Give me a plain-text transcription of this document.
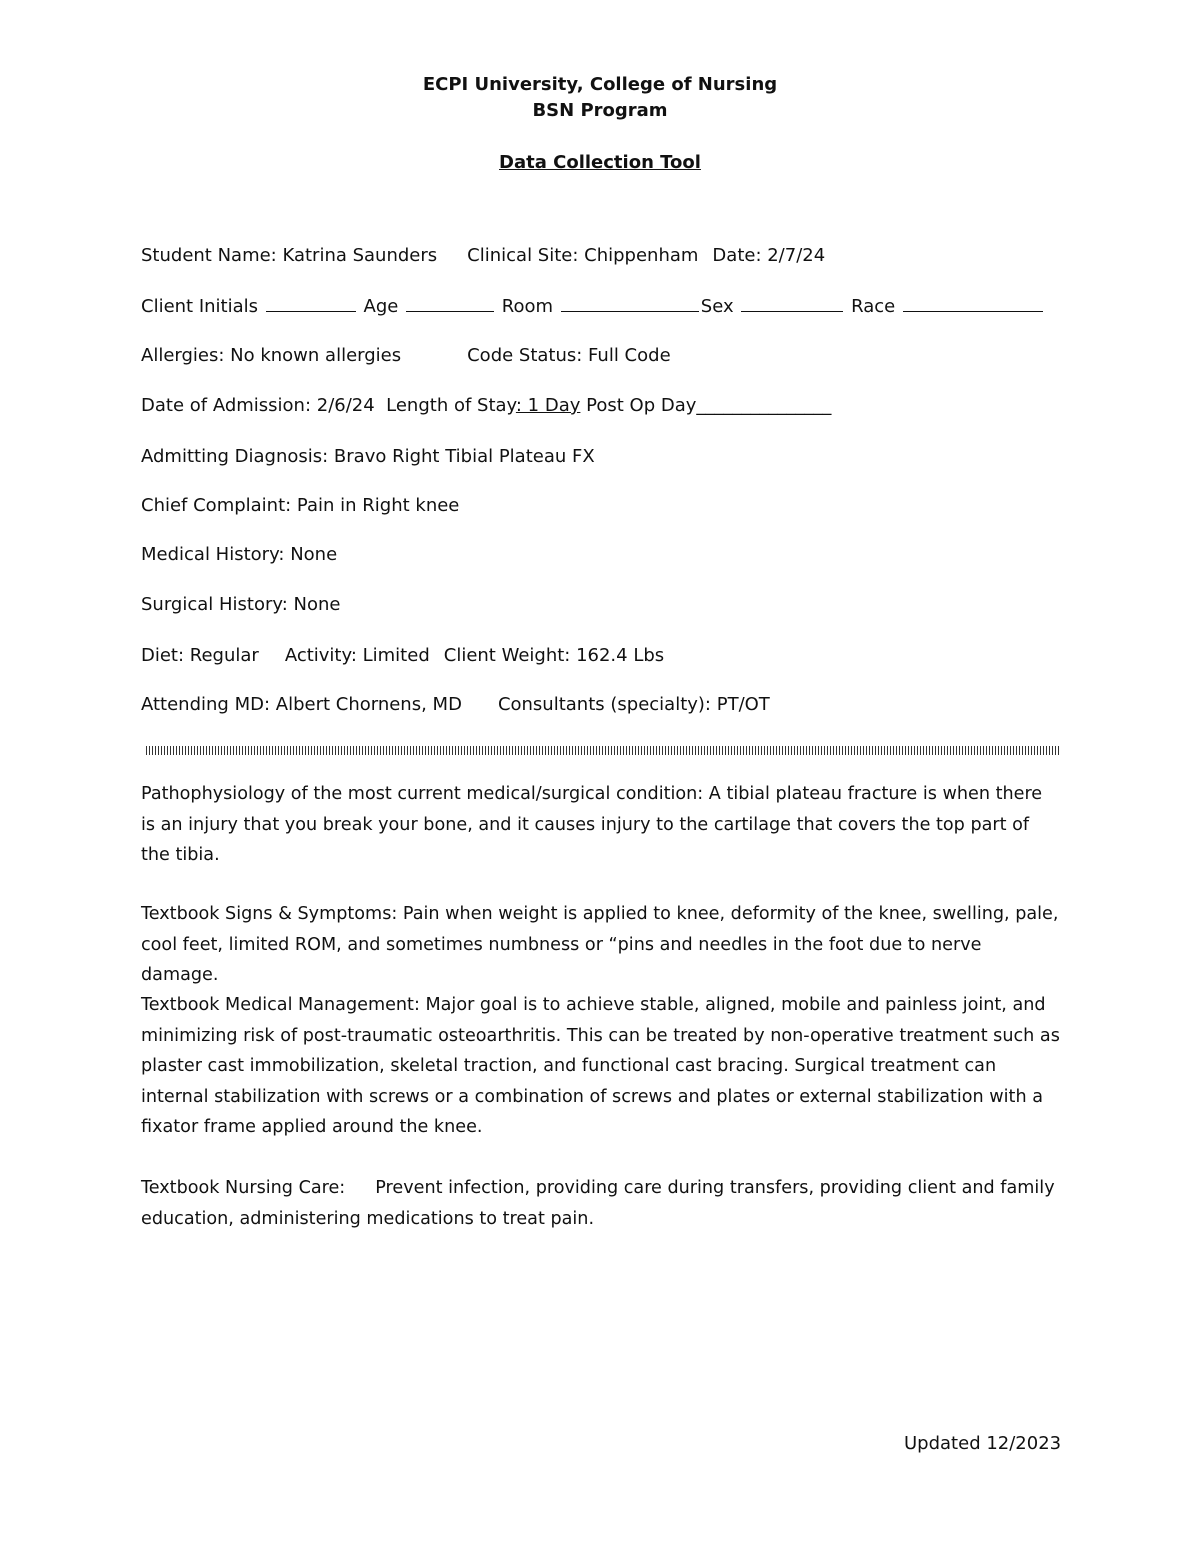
ECPI University, College of Nursing
BSN Program
Data Collection Tool
Student Name: Katrina Saunders Clinical Site: Chippenham Date: 2/7/24
Client Initials	Age	Room	Sex	Race
Allergies: No known allergies	Code Status: Full Code
Date of Admission: 2/6/24 Length of Stay: 1 Day Post Op Day_______________
Admitting Diagnosis: Bravo Right Tibial Plateau FX
Chief Complaint: Pain in Right knee
Medical History: None
Surgical History: None
Diet: Regular Activity: Limited Client Weight: 162.4 Lbs
Attending MD: Albert Chornens, MD Consultants (specialty): PT/OT
Pathophysiology of the most current medical/surgical condition: A tibial plateau fracture is when there is an injury that you break your bone, and it causes injury to the cartilage that covers the top part of the tibia.
Textbook Signs & Symptoms: Pain when weight is applied to knee, deformity of the knee, swelling, pale, cool feet, limited ROM, and sometimes numbness or “pins and needles in the foot due to nerve damage.
Textbook Medical Management: Major goal is to achieve stable, aligned, mobile and painless joint, and minimizing risk of post-traumatic osteoarthritis. This can be treated by non-operative treatment such as plaster cast immobilization, skeletal traction, and functional cast bracing. Surgical treatment can internal stabilization with screws or a combination of screws and plates or external stabilization with a fixator frame applied around the knee.
Textbook Nursing Care: Prevent infection, providing care during transfers, providing client and family education, administering medications to treat pain.
Updated 12/2023
